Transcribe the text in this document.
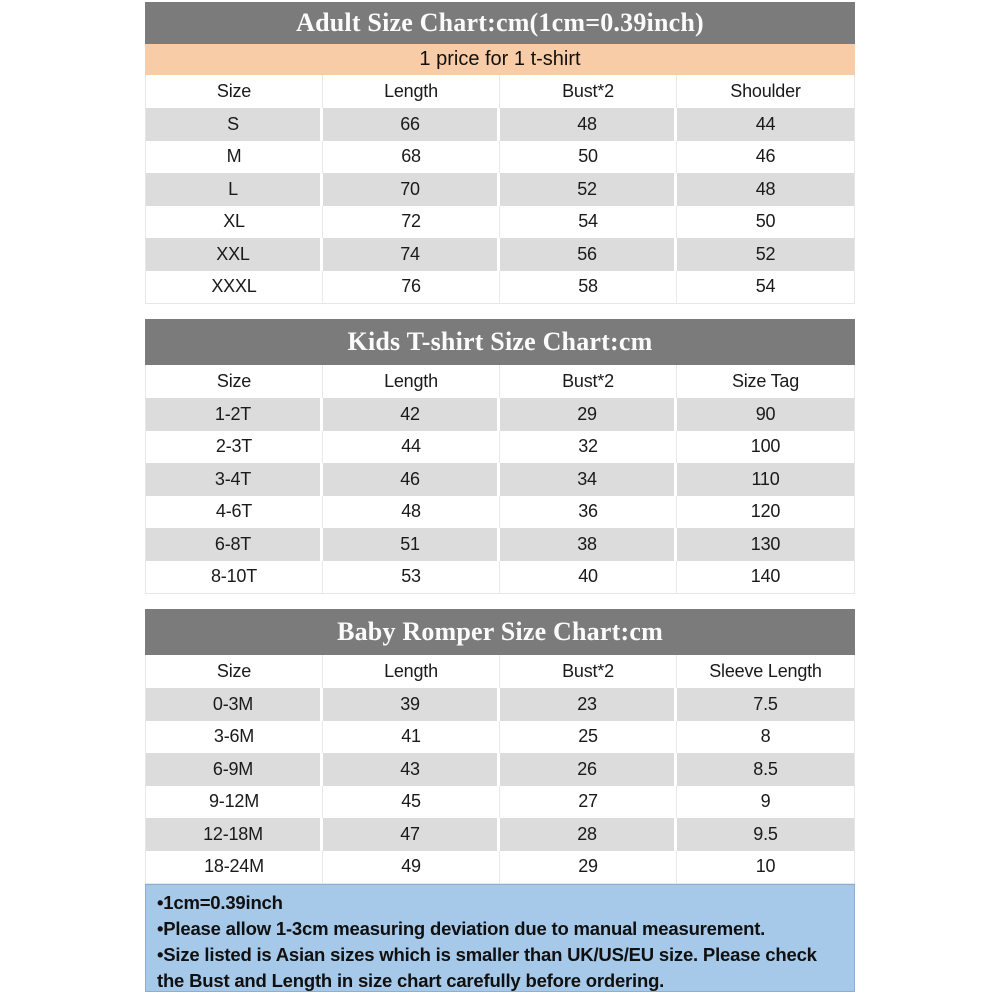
Adult Size Chart:cm(1cm=0.39inch)
1 price for 1 t-shirt
Size	Length	Bust*2	Shoulder
S	66	48	44
M	68	50	46
L	70	52	48
XL	72	54	50
XXL	74	56	52
XXXL	76	58	54
Kids T-shirt Size Chart:cm
Size	Length	Bust*2	Size Tag
1-2T	42	29	90
2-3T	44	32	100
3-4T	46	34	110
4-6T	48	36	120
6-8T	51	38	130
8-10T	53	40	140
Baby Romper Size Chart:cm
Size	Length	Bust*2	Sleeve Length
0-3M	39	23	7.5
3-6M	41	25	8
6-9M	43	26	8.5
9-12M	45	27	9
12-18M	47	28	9.5
18-24M	49	29	10
•1cm=0.39inch
•Please allow 1-3cm measuring deviation due to manual measurement.
•Size listed is Asian sizes which is smaller than UK/US/EU size. Please check the Bust and Length in size chart carefully before ordering.
